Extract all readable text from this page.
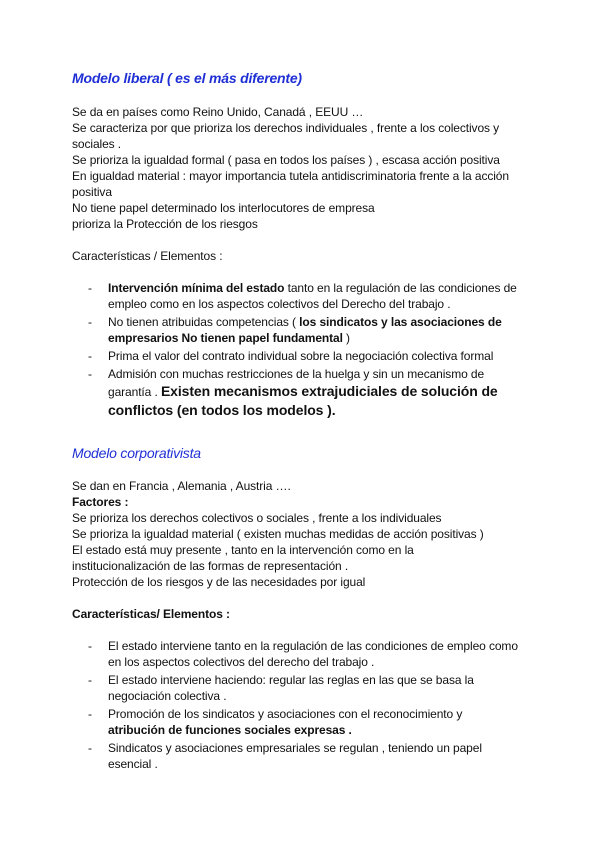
Modelo liberal ( es el más diferente)
Se da en países como Reino Unido, Canadá , EEUU …
Se caracteriza por que prioriza los derechos individuales , frente a los colectivos y sociales .
Se prioriza la igualdad formal ( pasa en todos los países ) , escasa acción positiva
En igualdad material : mayor importancia tutela antidiscriminatoria frente a la acción positiva
No tiene papel determinado los interlocutores de empresa
prioriza la Protección de los riesgos
Características / Elementos :
- Intervención mínima del estado tanto en la regulación de las condiciones de empleo como en los aspectos colectivos del Derecho del trabajo .
- No tienen atribuidas competencias ( los sindicatos y las asociaciones de empresarios No tienen papel fundamental )
- Prima el valor del contrato individual sobre la negociación colectiva formal
- Admisión con muchas restricciones de la huelga y sin un mecanismo de garantía . Existen mecanismos extrajudiciales de solución de conflictos (en todos los modelos ).
Modelo corporativista
Se dan en Francia , Alemania , Austria ….
Factores :
Se prioriza los derechos colectivos o sociales , frente a los individuales
Se prioriza la igualdad material ( existen muchas medidas de acción positivas )
El estado está muy presente , tanto en la intervención como en la institucionalización de las formas de representación .
Protección de los riesgos y de las necesidades por igual
Características/ Elementos :
- El estado interviene tanto en la regulación de las condiciones de empleo como en los aspectos colectivos del derecho del trabajo .
- El estado interviene haciendo: regular las reglas en las que se basa la negociación colectiva .
- Promoción de los sindicatos y asociaciones con el reconocimiento y atribución de funciones sociales expresas .
- Sindicatos y asociaciones empresariales se regulan , teniendo un papel esencial .
